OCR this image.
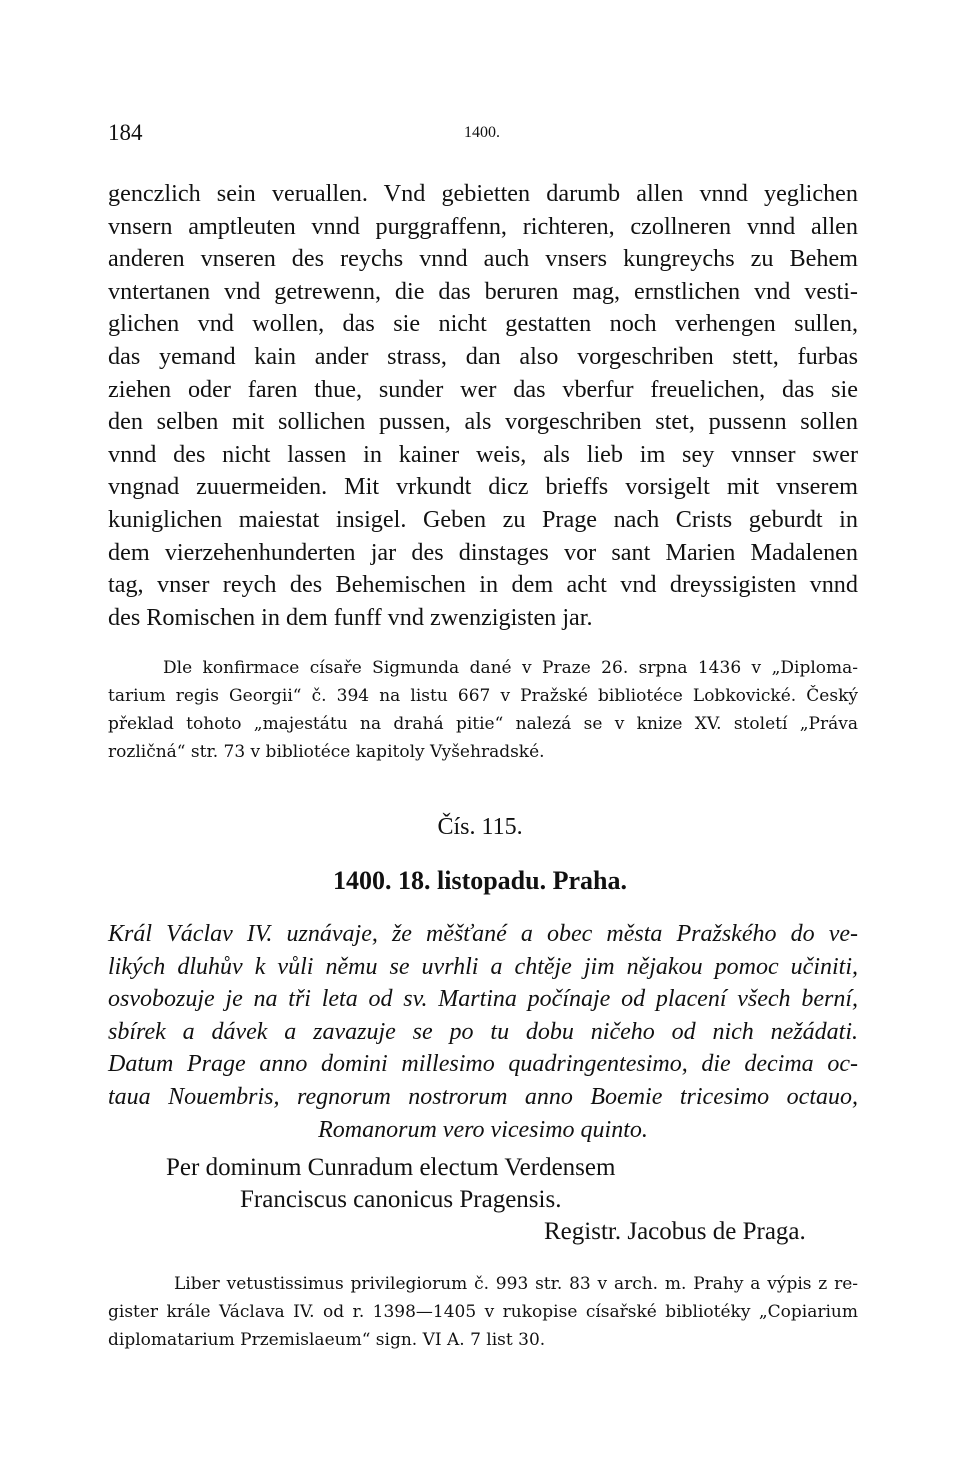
184	1400.
genczlich sein veruallen. Vnd gebietten darumb allen vnnd yeglichen
vnsern amptleuten vnnd purggraffenn, richteren, czollneren vnnd allen
anderen vnseren des reychs vnnd auch vnsers kungreychs zu Behem
vntertanen vnd getrewenn, die das beruren mag, ernstlichen vnd vesti-
glichen vnd wollen, das sie nicht gestatten noch verhengen sullen,
das yemand kain ander strass, dan also vorgeschriben stett, furbas
ziehen oder faren thue, sunder wer das vberfur freuelichen, das sie
den selben mit sollichen pussen, als vorgeschriben stet, pussenn sollen
vnnd des nicht lassen in kainer weis, als lieb im sey vnnser swer
vngnad zuuermeiden. Mit vrkundt dicz brieffs vorsigelt mit vnserem
kuniglichen maiestat insigel. Geben zu Prage nach Crists geburdt in
dem vierzehenhunderten jar des dinstages vor sant Marien Madalenen
tag, vnser reych des Behemischen in dem acht vnd dreyssigisten vnnd
des Romischen in dem funff vnd zwenzigisten jar.
Dle konfirmace císaře Sigmunda dané v Praze 26. srpna 1436 v „Diploma-
tarium regis Georgii“ č. 394 na listu 667 v Pražské bibliotéce Lobkovické. Český
překlad tohoto „majestátu na drahá pitie“ nalezá se v knize XV. století „Práva
rozličná“ str. 73 v bibliotéce kapitoly Vyšehradské.
Čís. 115.
1400. 18. listopadu. Praha.
Král Václav IV. uznávaje, že měšťané a obec města Pražského do ve-
likých dluhův k vůli němu se uvrhli a chtěje jim nějakou pomoc učiniti,
osvobozuje je na tři leta od sv. Martina počínaje od placení všech berní,
sbírek a dávek a zavazuje se po tu dobu ničeho od nich nežádati.
Datum Prage anno domini millesimo quadringentesimo, die decima oc-
taua Nouembris, regnorum nostrorum anno Boemie tricesimo octauo,
Romanorum vero vicesimo quinto.
Per dominum Cunradum electum Verdensem
Franciscus canonicus Pragensis.
Registr. Jacobus de Praga.
Liber vetustissimus privilegiorum č. 993 str. 83 v arch. m. Prahy a výpis z re-
gister krále Václava IV. od r. 1398—1405 v rukopise císařské bibliotéky „Copiarium
diplomatarium Przemislaeum“ sign. VI A. 7 list 30.
